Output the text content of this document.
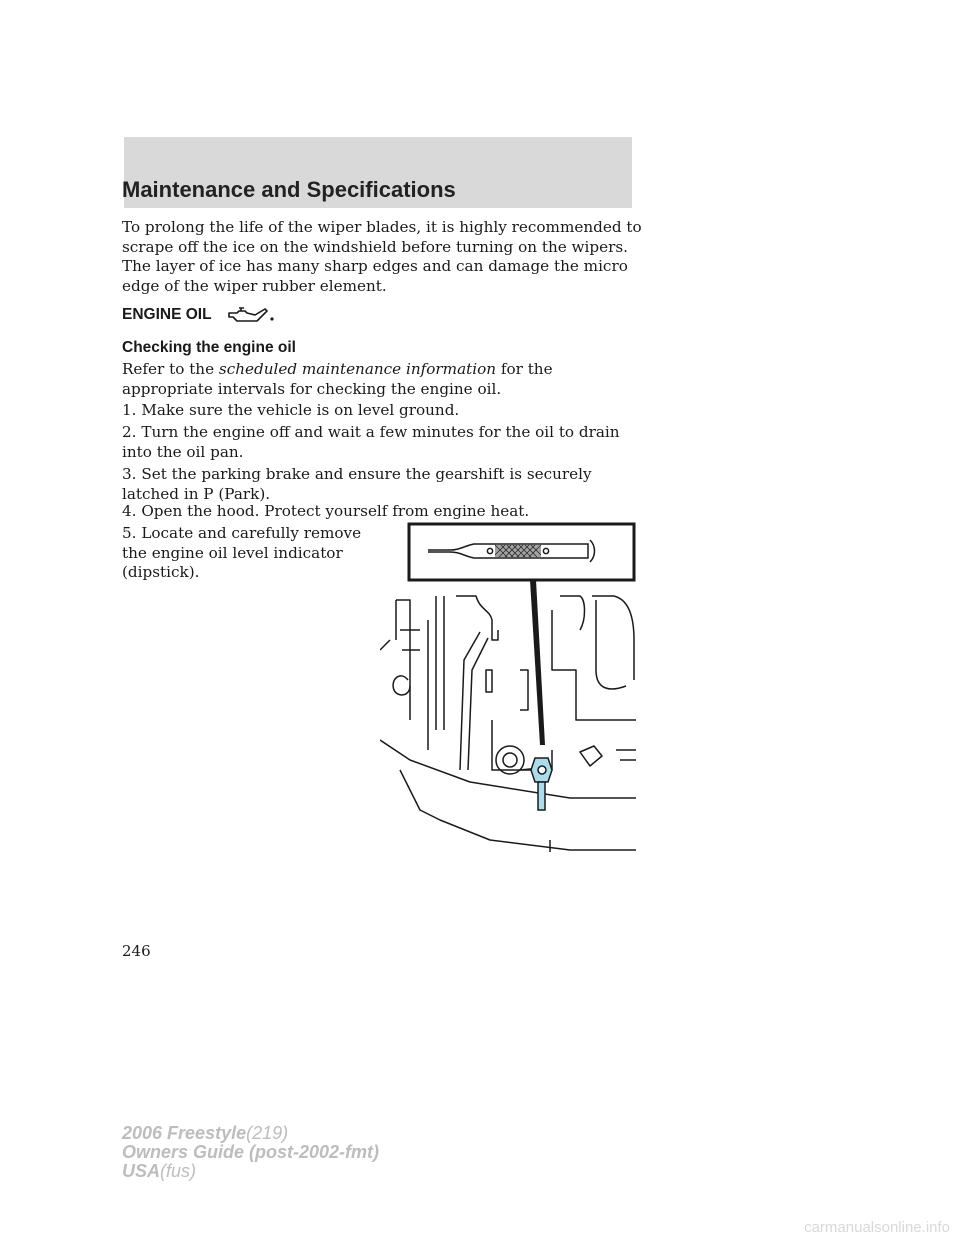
Maintenance and Specifications
To prolong the life of the wiper blades, it is highly recommended to scrape off the ice on the windshield before turning on the wipers. The layer of ice has many sharp edges and can damage the micro edge of the wiper rubber element.
ENGINE OIL
Checking the engine oil
Refer to the scheduled maintenance information for the appropriate intervals for checking the engine oil.
1. Make sure the vehicle is on level ground.
2. Turn the engine off and wait a few minutes for the oil to drain into the oil pan.
3. Set the parking brake and ensure the gearshift is securely latched in P (Park).
4. Open the hood. Protect yourself from engine heat.
5. Locate and carefully remove the engine oil level indicator (dipstick).
246
2006 Freestyle(219)
Owners Guide (post-2002-fmt)
USA(fus)
carmanualsonline.info
